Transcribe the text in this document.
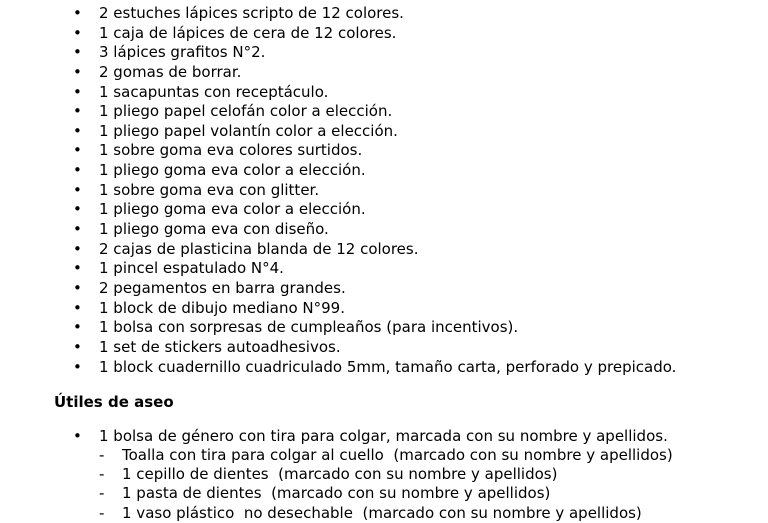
• 2 estuches lápices scripto de 12 colores.
• 1 caja de lápices de cera de 12 colores.
• 3 lápices grafitos N°2.
• 2 gomas de borrar.
• 1 sacapuntas con receptáculo.
• 1 pliego papel celofán color a elección.
• 1 pliego papel volantín color a elección.
• 1 sobre goma eva colores surtidos.
• 1 pliego goma eva color a elección.
• 1 sobre goma eva con glitter.
• 1 pliego goma eva color a elección.
• 1 pliego goma eva con diseño.
• 2 cajas de plasticina blanda de 12 colores.
• 1 pincel espatulado N°4.
• 2 pegamentos en barra grandes.
• 1 block de dibujo mediano N°99.
• 1 bolsa con sorpresas de cumpleaños (para incentivos).
• 1 set de stickers autoadhesivos.
• 1 block cuadernillo cuadriculado 5mm, tamaño carta, perforado y prepicado.
Útiles de aseo
• 1 bolsa de género con tira para colgar, marcada con su nombre y apellidos.
- Toalla con tira para colgar al cuello  (marcado con su nombre y apellidos)
- 1 cepillo de dientes  (marcado con su nombre y apellidos)
- 1 pasta de dientes  (marcado con su nombre y apellidos)
- 1 vaso plástico  no desechable  (marcado con su nombre y apellidos)
